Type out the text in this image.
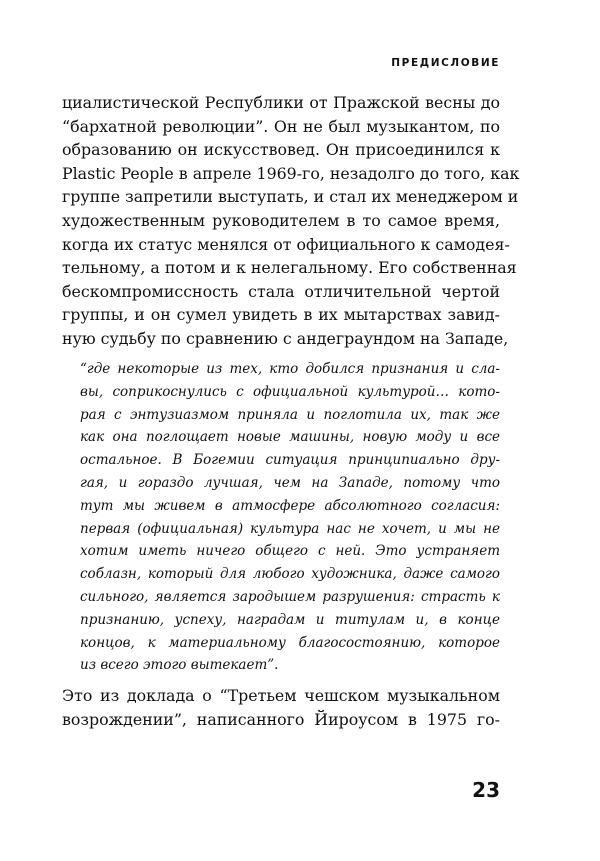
ПРЕДИСЛОВИЕ
циалистической Республики от Пражской весны до
“бархатной революции”. Он не был музыкантом, по
образованию он искусствовед. Он присоединился к
Plastic People в апреле 1969-го, незадолго до того, как
группе запретили выступать, и стал их менеджером и
художественным руководителем в то самое время,
когда их статус менялся от официального к самодея-
тельному, а потом и к нелегальному. Его собственная
бескомпромиссность стала отличительной чертой
группы, и он сумел увидеть в их мытарствах завид-
ную судьбу по сравнению с андеграундом на Западе,
“где некоторые из тех, кто добился признания и сла-
вы, соприкоснулись с официальной культурой… кото-
рая с энтузиазмом приняла и поглотила их, так же
как она поглощает новые машины, новую моду и все
остальное. В Богемии ситуация принципиально дру-
гая, и гораздо лучшая, чем на Западе, потому что
тут мы живем в атмосфере абсолютного согласия:
первая (официальная) культура нас не хочет, и мы не
хотим иметь ничего общего с ней. Это устраняет
соблазн, который для любого художника, даже самого
сильного, является зародышем разрушения: страсть к
признанию, успеху, наградам и титулам и, в конце
концов, к материальному благосостоянию, которое
из всего этого вытекает”.
Это из доклада о “Третьем чешском музыкальном
возрождении”, написанного Йироусом в 1975 го-
23
